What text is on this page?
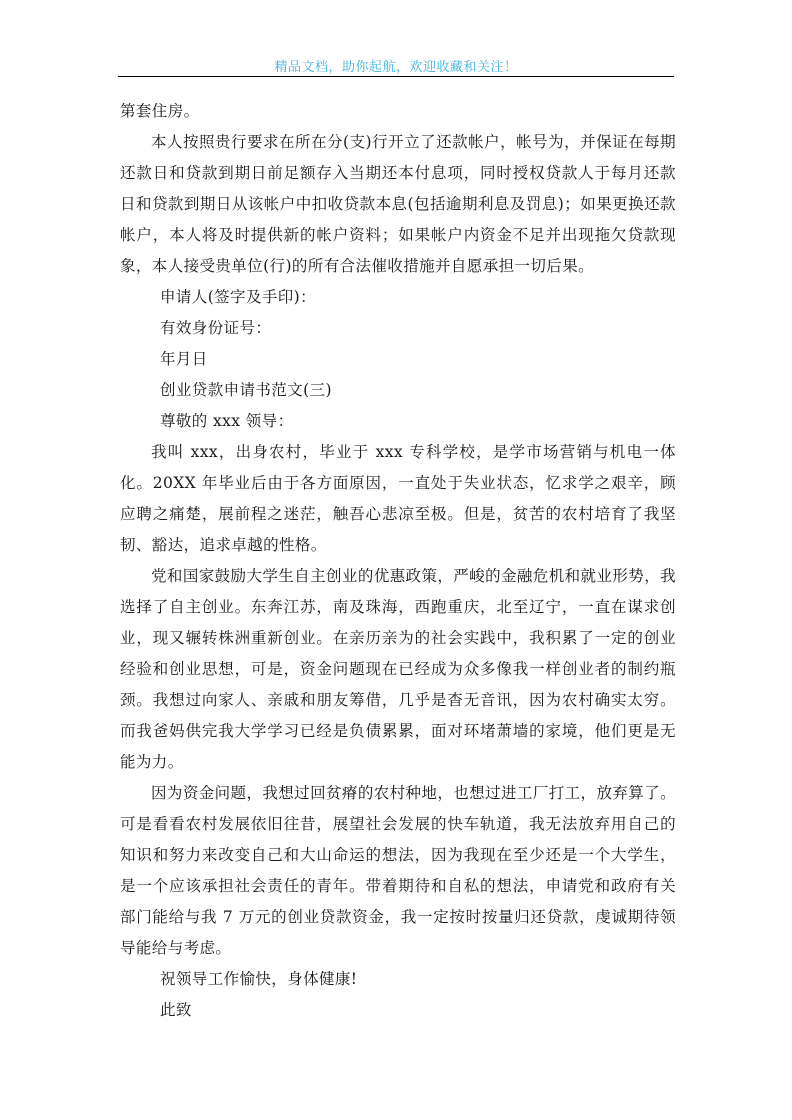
精品文档，助你起航，欢迎收藏和关注！

第套住房。

本人按照贵行要求在所在分(支)行开立了还款帐户，帐号为，并保证在每期还款日和贷款到期日前足额存入当期还本付息项，同时授权贷款人于每月还款日和贷款到期日从该帐户中扣收贷款本息(包括逾期利息及罚息)；如果更换还款帐户，本人将及时提供新的帐户资料；如果帐户内资金不足并出现拖欠贷款现象，本人接受贵单位(行)的所有合法催收措施并自愿承担一切后果。

申请人(签字及手印)：

有效身份证号：

年月日

创业贷款申请书范文(三)

尊敬的 xxx 领导：

我叫 xxx，出身农村，毕业于 xxx 专科学校，是学市场营销与机电一体化。20XX 年毕业后由于各方面原因，一直处于失业状态，忆求学之艰辛，顾应聘之痛楚，展前程之迷茫，触吾心悲凉至极。但是，贫苦的农村培育了我坚韧、豁达，追求卓越的性格。

党和国家鼓励大学生自主创业的优惠政策，严峻的金融危机和就业形势，我选择了自主创业。东奔江苏，南及珠海，西跑重庆，北至辽宁，一直在谋求创业，现又辗转株洲重新创业。在亲历亲为的社会实践中，我积累了一定的创业经验和创业思想，可是，资金问题现在已经成为众多像我一样创业者的制约瓶颈。我想过向家人、亲戚和朋友筹借，几乎是杳无音讯，因为农村确实太穷。而我爸妈供完我大学学习已经是负债累累，面对环堵萧墙的家境，他们更是无能为力。

因为资金问题，我想过回贫瘠的农村种地，也想过进工厂打工，放弃算了。可是看看农村发展依旧往昔，展望社会发展的快车轨道，我无法放弃用自己的知识和努力来改变自己和大山命运的想法，因为我现在至少还是一个大学生，是一个应该承担社会责任的青年。带着期待和自私的想法，申请党和政府有关部门能给与我 7 万元的创业贷款资金，我一定按时按量归还贷款，虔诚期待领导能给与考虑。

祝领导工作愉快，身体健康!

此致
